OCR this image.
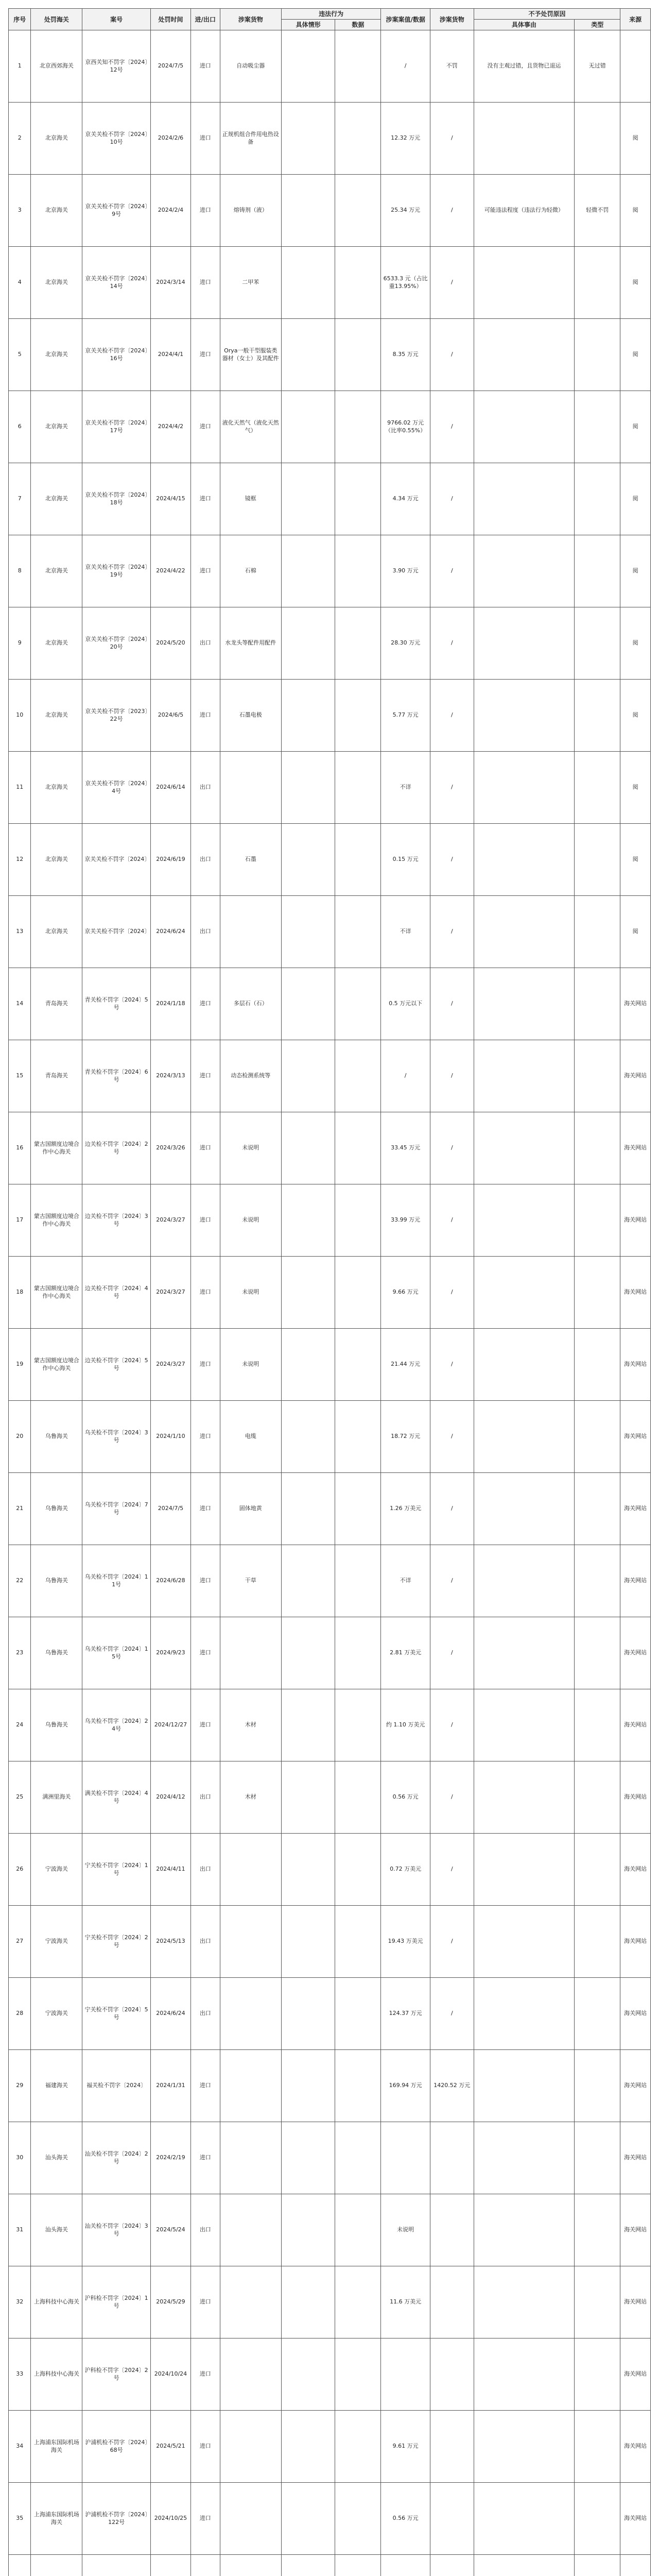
序号	处罚海关	案号	处罚时间	进/出口	涉案货物	违法行为		涉案案值/数据	涉案货物	不予处罚原因		来源
						具体情形	数据			具体事由	类型	
1	北京西郊海关	京西关知不罚字〔2024〕12号	2024/7/5	进口	自动吸尘器			/	不罚	没有主观过错，且货物已退运	无过错	
2	北京海关	京关关检不罚字〔2024〕10号	2024/2/6	进口	正规机组合件用电热设备			12.32 万元	/			阅
3	北京海关	京关关检不罚字〔2024〕9号	2024/2/4	进口	熔铸剂（液）			25.34 万元	/	可能违法程度（违法行为轻微）	轻微不罚	阅
4	北京海关	京关关检不罚字〔2024〕14号	2024/3/14	进口	二甲苯			6533.3 元（占比重13.95%）	/			阅
5	北京海关	京关关检不罚字〔2024〕16号	2024/4/1	进口	Orya一般干型服装类器材（女士）及其配件			8.35 万元	/			阅
6	北京海关	京关关检不罚字〔2024〕17号	2024/4/2	进口	液化天然气（液化天然气）			9766.02 万元（比率0.55%）	/			阅
7	北京海关	京关关检不罚字〔2024〕18号	2024/4/15	进口	镜框			4.34 万元	/			阅
8	北京海关	京关关检不罚字〔2024〕19号	2024/4/22	进口	石棉			3.90 万元	/			阅
9	北京海关	京关关检不罚字〔2024〕20号	2024/5/20	出口	水龙头等配件用配件			28.30 万元	/			阅
10	北京海关	京关关检不罚字〔2023〕22号	2024/6/5	进口	石墨电极			5.77 万元	/			阅
11	北京海关	京关关检不罚字〔2024〕4号	2024/6/14	出口				不详	/			阅
12	北京海关	京关关检不罚字〔2024〕	2024/6/19	出口	石墨			0.15 万元	/			阅
13	北京海关	京关关检不罚字〔2024〕	2024/6/24	出口				不详	/			阅
14	青岛海关	青关检不罚字〔2024〕5号	2024/1/18	进口	多层石（石）			0.5 万元以下	/			海关网站
15	青岛海关	青关检不罚字〔2024〕6号	2024/3/13	进口	动态检测系统等			/	/			海关网站
16	蒙古国额度边境合作中心海关	边关检不罚字〔2024〕2号	2024/3/26	进口	未说明			33.45 万元	/			海关网站
17	蒙古国额度边境合作中心海关	边关检不罚字〔2024〕3号	2024/3/27	进口	未说明			33.99 万元	/			海关网站
18	蒙古国额度边境合作中心海关	边关检不罚字〔2024〕4号	2024/3/27	进口	未说明			9.66 万元	/			海关网站
19	蒙古国额度边境合作中心海关	边关检不罚字〔2024〕5号	2024/3/27	进口	未说明			21.44 万元	/			海关网站
20	乌鲁海关	乌关检不罚字〔2024〕3号	2024/1/10	进口	电缆			18.72 万元	/			海关网站
21	乌鲁海关	乌关检不罚字〔2024〕7号	2024/7/5	进口	固体地黄			1.26 万美元	/			海关网站
22	乌鲁海关	乌关检不罚字〔2024〕11号	2024/6/28	进口	干草			不详	/			海关网站
23	乌鲁海关	乌关检不罚字〔2024〕15号	2024/9/23	进口				2.81 万美元	/			海关网站
24	乌鲁海关	乌关检不罚字〔2024〕24号	2024/12/27	进口	木材			约 1.10 万美元	/			海关网站
25	满洲里海关	满关检不罚字〔2024〕4号	2024/4/12	出口	木材			0.56 万元	/			海关网站
26	宁波海关	宁关检不罚字〔2024〕1号	2024/4/11	出口				0.72 万美元	/			海关网站
27	宁波海关	宁关检不罚字〔2024〕2号	2024/5/13	出口				19.43 万美元	/			海关网站
28	宁波海关	宁关检不罚字〔2024〕5号	2024/6/24	出口				124.37 万元	/			海关网站
29	福建海关	福关检不罚字〔2024〕	2024/1/31	进口				169.94 万元	1420.52 万元			海关网站
30	汕头海关	汕关检不罚字〔2024〕2号	2024/2/19	进口								海关网站
31	汕头海关	汕关检不罚字〔2024〕3号	2024/5/24	出口				未说明				海关网站
32	上海科技中心海关	沪科检不罚字〔2024〕1号	2024/5/29	进口				11.6 万美元				海关网站
33	上海科技中心海关	沪科检不罚字〔2024〕2号	2024/10/24	进口								海关网站
34	上海浦东国际机场海关	沪浦机检不罚字〔2024〕68号	2024/5/21	进口				9.61 万元				海关网站
35	上海浦东国际机场海关	沪浦机检不罚字〔2024〕122号	2024/10/25	进口				0.56 万元				海关网站
